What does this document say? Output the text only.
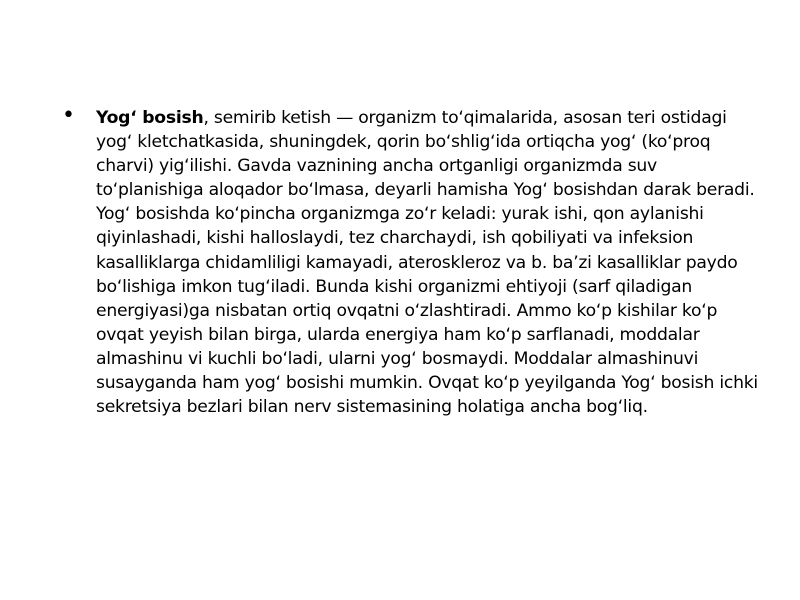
•	Yog‘ bosish, semirib ketish — organizm to‘qimalarida, asosan teri ostidagi yog‘ kletchatkasida, shuningdek, qorin bo‘shlig‘ida ortiqcha yog‘ (ko‘proq charvi) yig‘ilishi. Gavda vaznining ancha ortganligi organizmda suv to‘planishiga aloqador bo‘lmasa, deyarli hamisha Yog‘ bosishdan darak beradi. Yog‘ bosishda ko‘pincha organizmga zo‘r keladi: yurak ishi, qon aylanishi qiyinlashadi, kishi halloslaydi, tez charchaydi, ish qobiliyati va infeksion kasalliklarga chidamliligi kamayadi, ateroskleroz va b. ba’zi kasalliklar paydo bo‘lishiga imkon tug‘iladi. Bunda kishi organizmi ehtiyoji (sarf qiladigan energiyasi)ga nisbatan ortiq ovqatni o‘zlashtiradi. Ammo ko‘p kishilar ko‘p ovqat yeyish bilan birga, ularda energiya ham ko‘p sarflanadi, moddalar almashinu vi kuchli bo‘ladi, ularni yog‘ bosmaydi. Moddalar almashinuvi susayganda ham yog‘ bosishi mumkin. Ovqat ko‘p yeyilganda Yog‘ bosish ichki sekretsiya bezlari bilan nerv sistemasining holatiga ancha bog‘liq.
